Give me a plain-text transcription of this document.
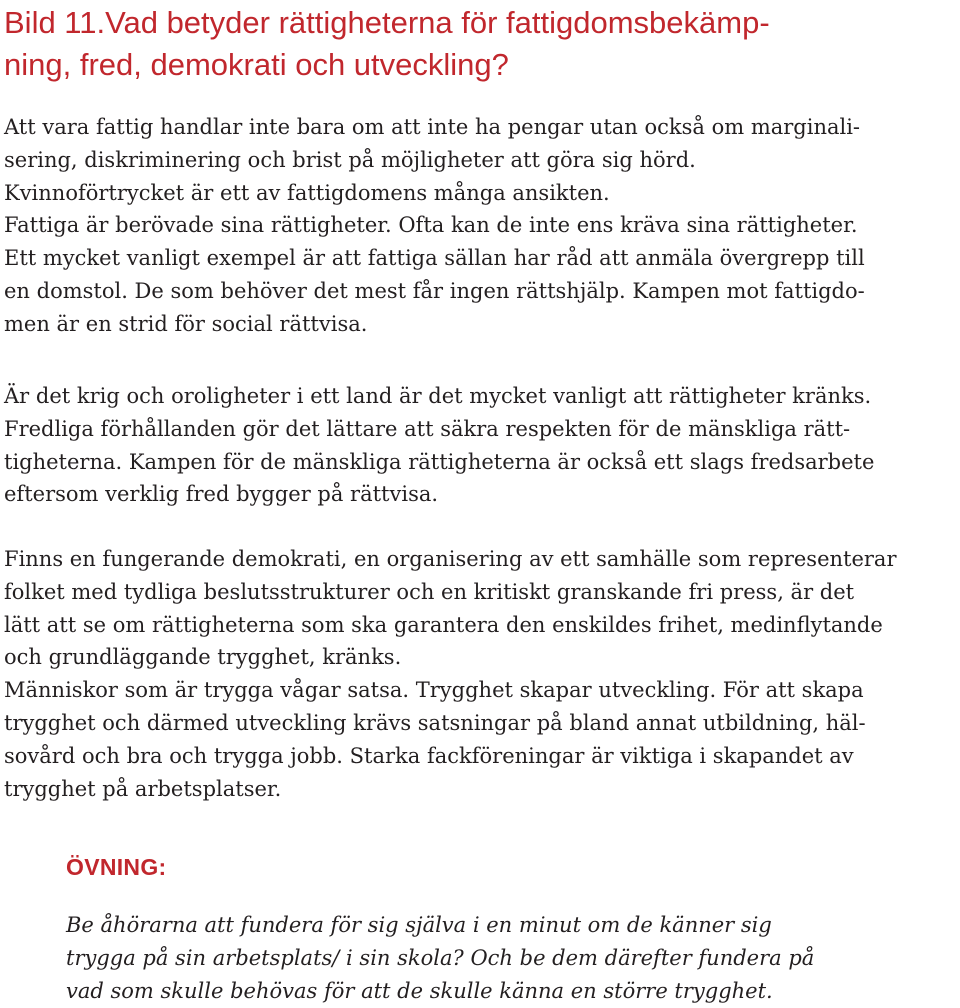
Bild 11.Vad betyder rättigheterna för fattigdomsbekämp-
ning, fred, demokrati och utveckling?
Att vara fattig handlar inte bara om att inte ha pengar utan också om marginali-
sering, diskriminering och brist på möjligheter att göra sig hörd.
Kvinnoförtrycket är ett av fattigdomens många ansikten.
Fattiga är berövade sina rättigheter. Ofta kan de inte ens kräva sina rättigheter.
Ett mycket vanligt exempel är att fattiga sällan har råd att anmäla övergrepp till
en domstol. De som behöver det mest får ingen rättshjälp. Kampen mot fattigdo-
men är en strid för social rättvisa.
Är det krig och oroligheter i ett land är det mycket vanligt att rättigheter kränks.
Fredliga förhållanden gör det lättare att säkra respekten för de mänskliga rätt-
tigheterna. Kampen för de mänskliga rättigheterna är också ett slags fredsarbete
eftersom verklig fred bygger på rättvisa.
Finns en fungerande demokrati, en organisering av ett samhälle som representerar
folket med tydliga beslutsstrukturer och en kritiskt granskande fri press, är det
lätt att se om rättigheterna som ska garantera den enskildes frihet, medinflytande
och grundläggande trygghet, kränks.
Människor som är trygga vågar satsa. Trygghet skapar utveckling. För att skapa
trygghet och därmed utveckling krävs satsningar på bland annat utbildning, häl-
sovård och bra och trygga jobb. Starka fackföreningar är viktiga i skapandet av
trygghet på arbetsplatser.
ÖVNING:
Be åhörarna att fundera för sig själva i en minut om de känner sig
trygga på sin arbetsplats/ i sin skola? Och be dem därefter fundera på
vad som skulle behövas för att de skulle känna en större trygghet.
